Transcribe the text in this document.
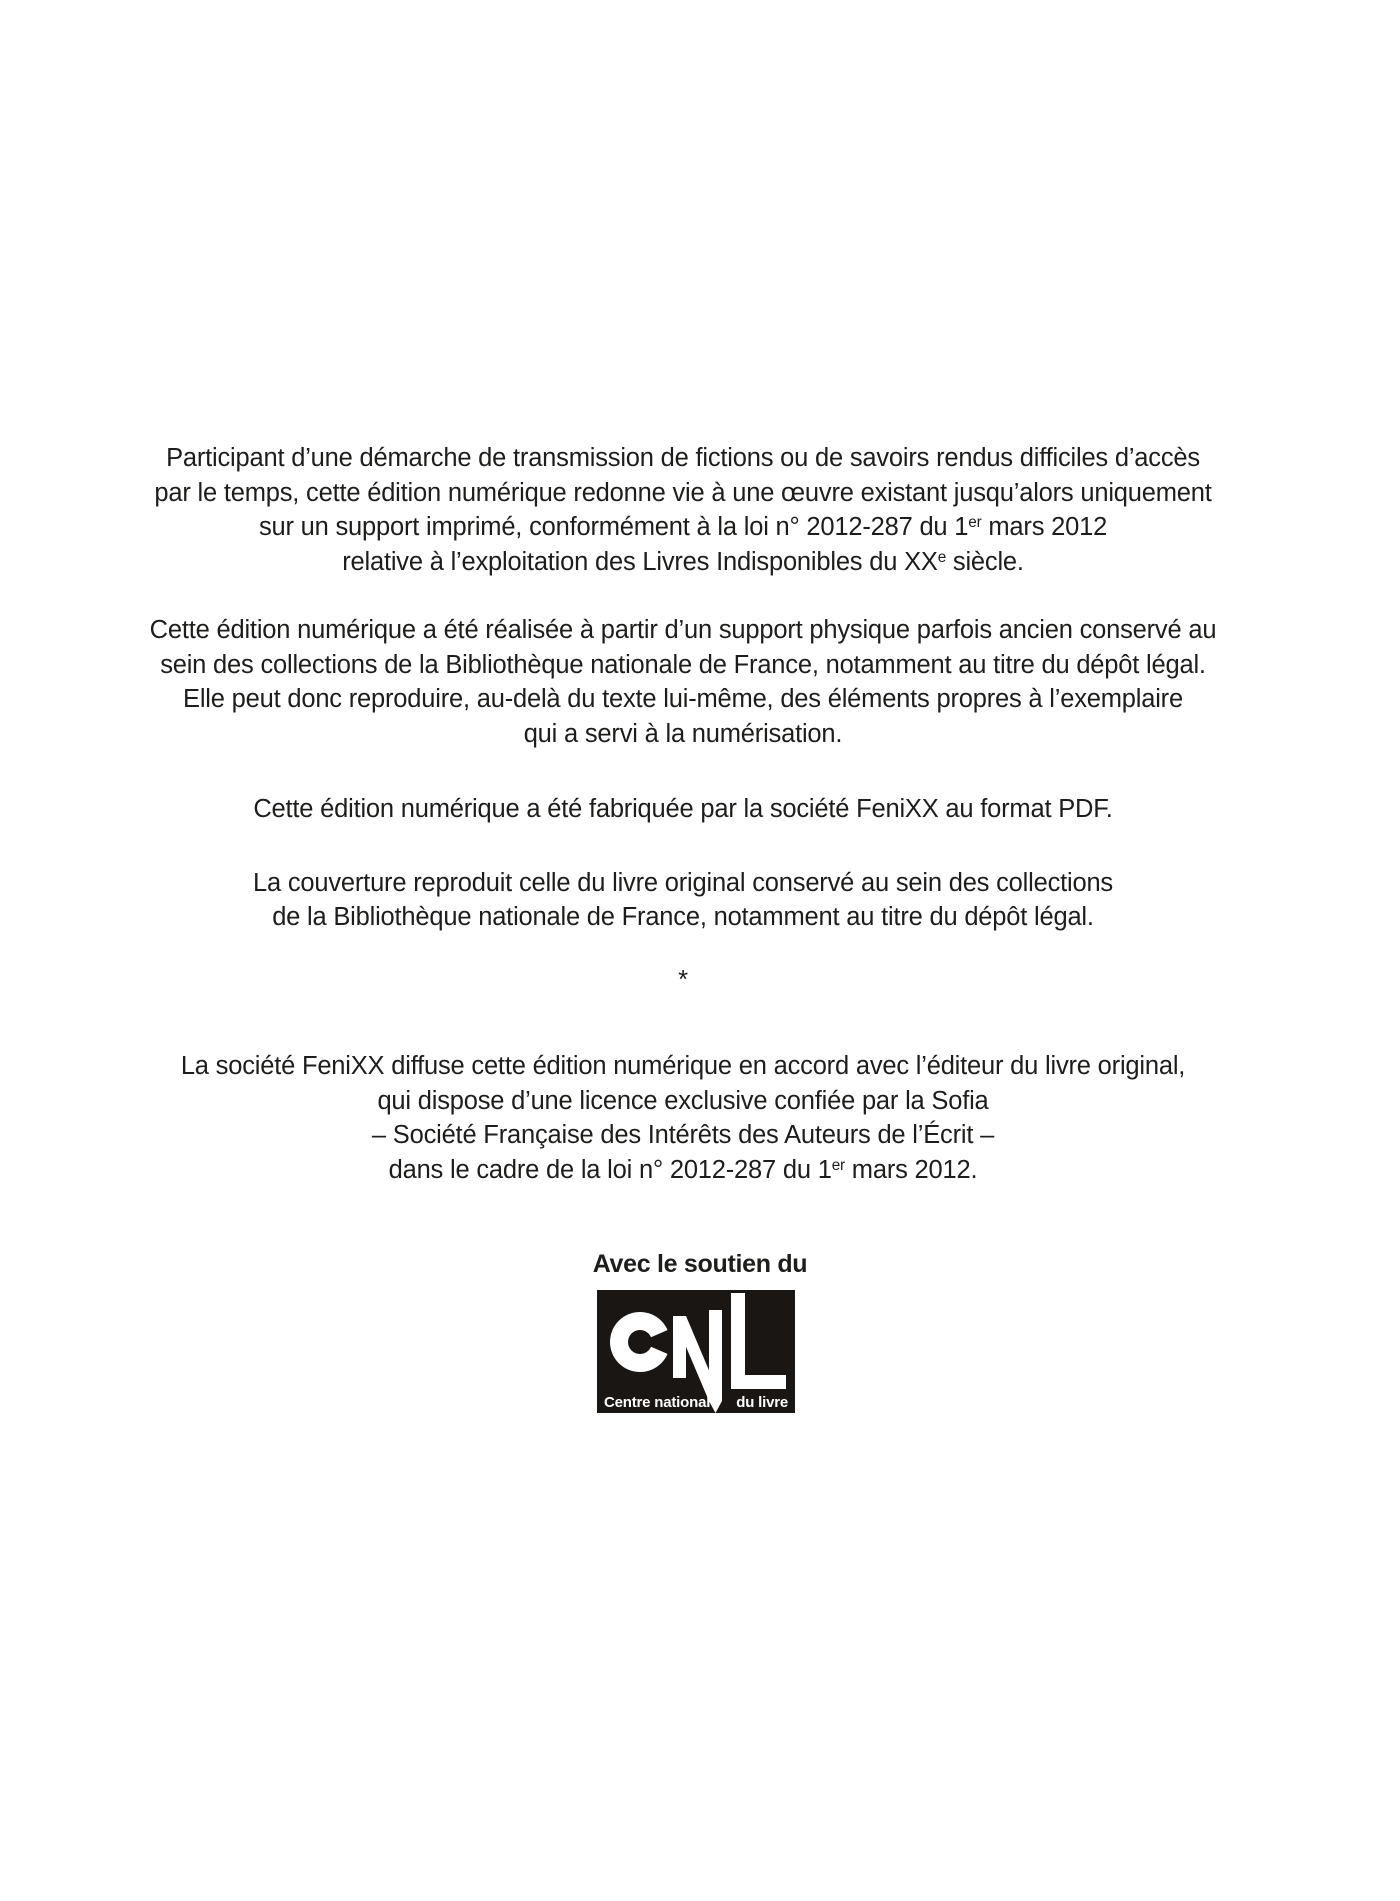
Participant d’une démarche de transmission de fictions ou de savoirs rendus difficiles d’accès
par le temps, cette édition numérique redonne vie à une œuvre existant jusqu’alors uniquement
sur un support imprimé, conformément à la loi n° 2012-287 du 1er mars 2012
relative à l’exploitation des Livres Indisponibles du XXe siècle.

Cette édition numérique a été réalisée à partir d’un support physique parfois ancien conservé au
sein des collections de la Bibliothèque nationale de France, notamment au titre du dépôt légal.
Elle peut donc reproduire, au-delà du texte lui-même, des éléments propres à l’exemplaire
qui a servi à la numérisation.

Cette édition numérique a été fabriquée par la société FeniXX au format PDF.

La couverture reproduit celle du livre original conservé au sein des collections
de la Bibliothèque nationale de France, notamment au titre du dépôt légal.

*

La société FeniXX diffuse cette édition numérique en accord avec l’éditeur du livre original,
qui dispose d’une licence exclusive confiée par la Sofia
– Société Française des Intérêts des Auteurs de l’Écrit –
dans le cadre de la loi n° 2012-287 du 1er mars 2012.

Avec le soutien du
Centre national du livre
